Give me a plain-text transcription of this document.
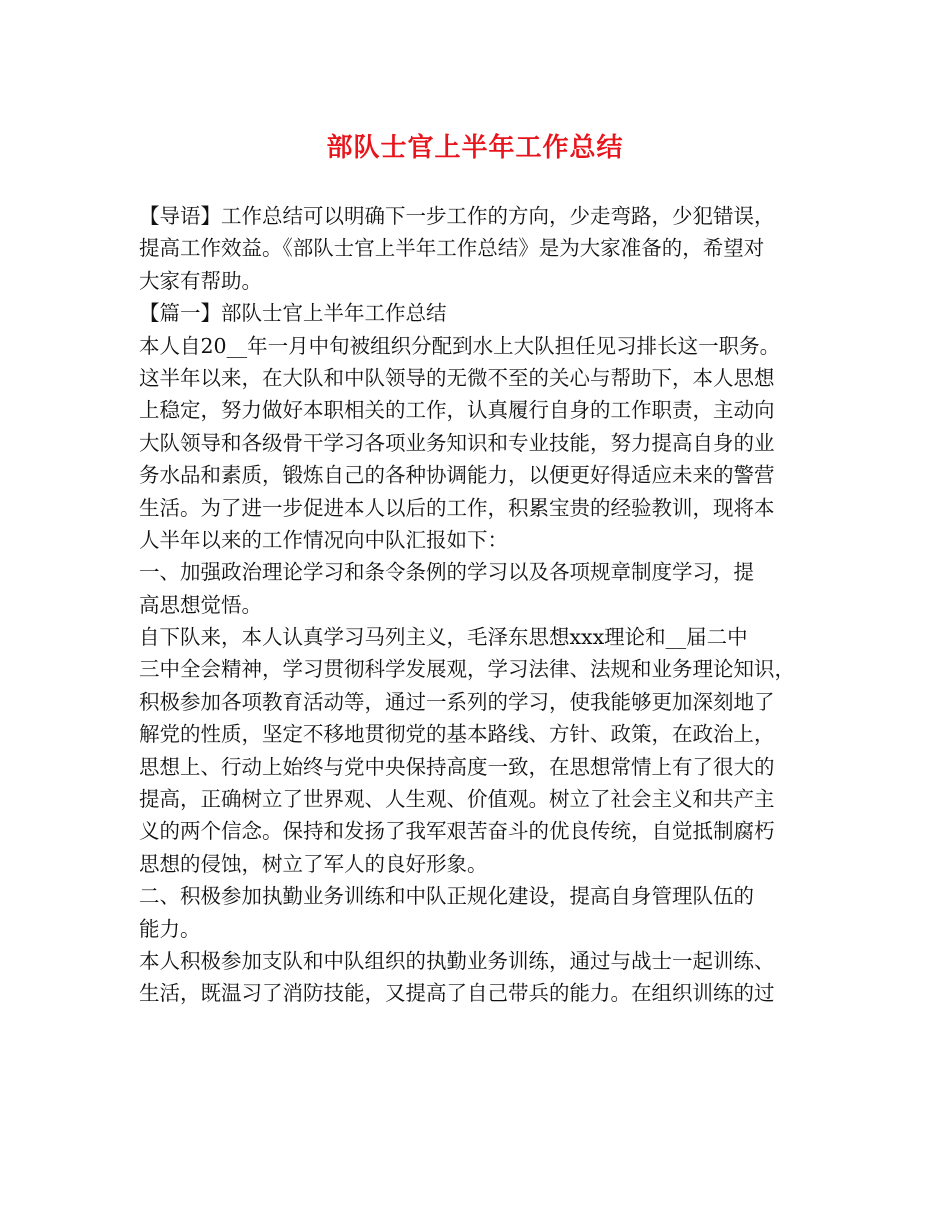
部队士官上半年工作总结
【导语】工作总结可以明确下一步工作的方向，少走弯路，少犯错误，
提高工作效益。《部队士官上半年工作总结》是为大家准备的，希望对
大家有帮助。
【篇一】部队士官上半年工作总结
本人自20__年一月中旬被组织分配到水上大队担任见习排长这一职务。
这半年以来，在大队和中队领导的无微不至的关心与帮助下，本人思想
上稳定，努力做好本职相关的工作，认真履行自身的工作职责，主动向
大队领导和各级骨干学习各项业务知识和专业技能，努力提高自身的业
务水品和素质，锻炼自己的各种协调能力，以便更好得适应未来的警营
生活。为了进一步促进本人以后的工作，积累宝贵的经验教训，现将本
人半年以来的工作情况向中队汇报如下：
一、加强政治理论学习和条令条例的学习以及各项规章制度学习，提
高思想觉悟。
自下队来，本人认真学习马列主义，毛泽东思想xxx理论和__届二中
三中全会精神，学习贯彻科学发展观，学习法律、法规和业务理论知识，
积极参加各项教育活动等，通过一系列的学习，使我能够更加深刻地了
解党的性质，坚定不移地贯彻党的基本路线、方针、政策，在政治上，
思想上、行动上始终与党中央保持高度一致，在思想常情上有了很大的
提高，正确树立了世界观、人生观、价值观。树立了社会主义和共产主
义的两个信念。保持和发扬了我军艰苦奋斗的优良传统，自觉抵制腐朽
思想的侵蚀，树立了军人的良好形象。
二、积极参加执勤业务训练和中队正规化建设，提高自身管理队伍的
能力。
本人积极参加支队和中队组织的执勤业务训练，通过与战士一起训练、
生活，既温习了消防技能，又提高了自己带兵的能力。在组织训练的过
